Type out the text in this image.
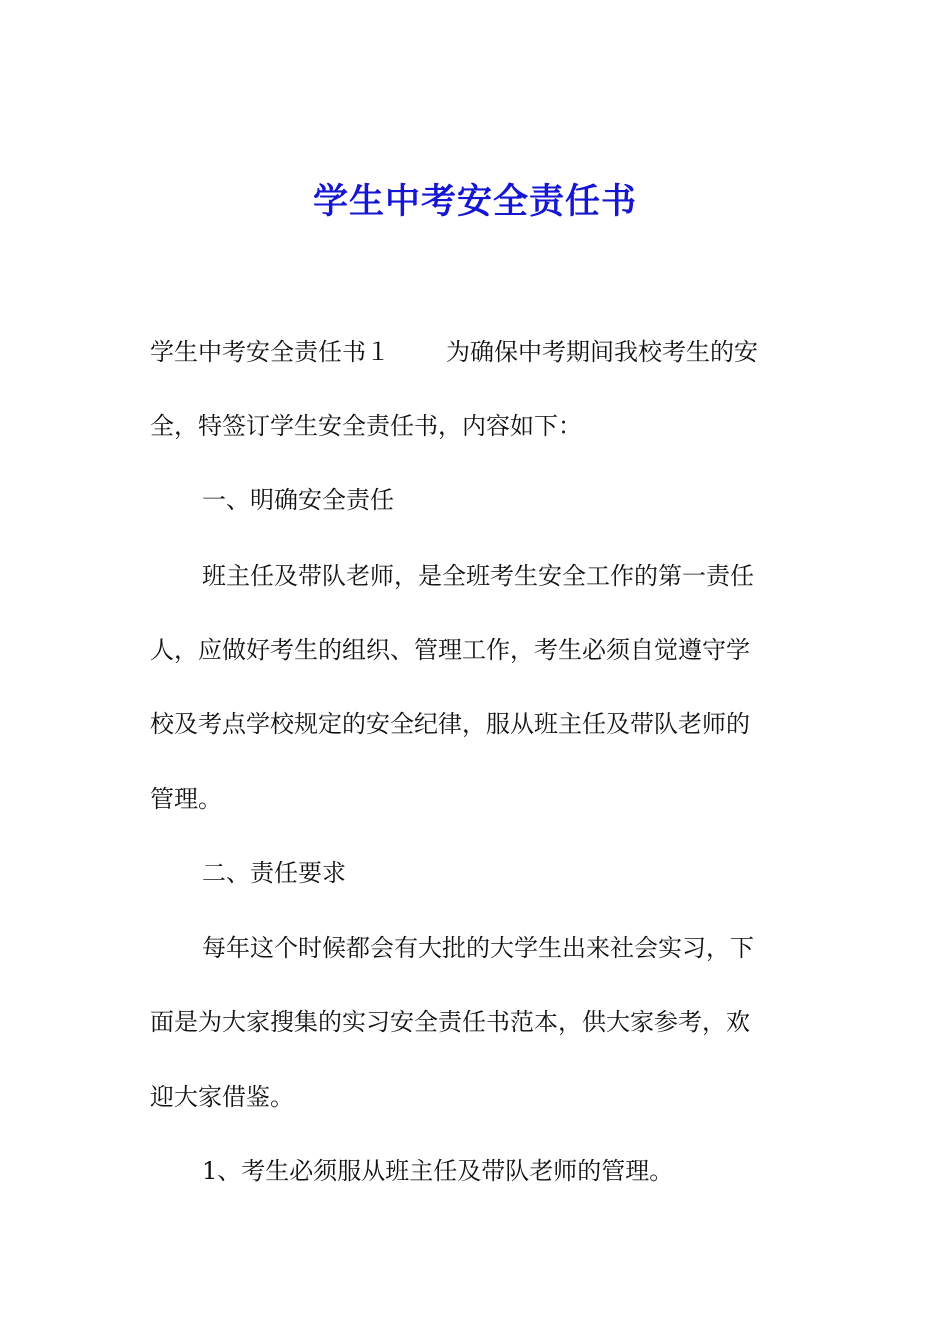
学生中考安全责任书
学生中考安全责任书１ 为确保中考期间我校考生的安
全，特签订学生安全责任书，内容如下：
一、明确安全责任
班主任及带队老师，是全班考生安全工作的第一责任
人，应做好考生的组织、管理工作，考生必须自觉遵守学
校及考点学校规定的安全纪律，服从班主任及带队老师的
管理。
二、责任要求
每年这个时候都会有大批的大学生出来社会实习，下
面是为大家搜集的实习安全责任书范本，供大家参考，欢
迎大家借鉴。
1、考生必须服从班主任及带队老师的管理。
